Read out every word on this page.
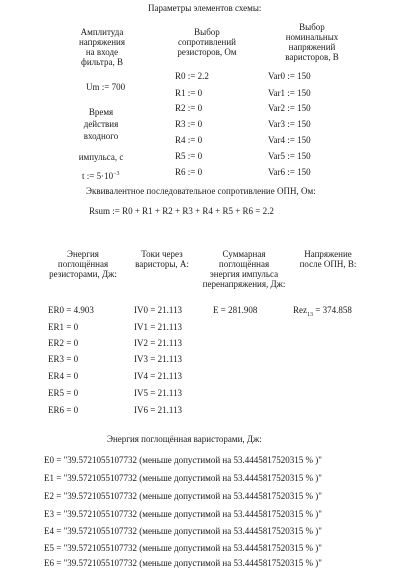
Параметры элементов схемы:
Амплитуда
напряжения
на входе
фильтра, В
Um := 700
Время
действия
входного
импульса, с
t := $5\cdot 10^{-3}$
Выбор
сопротивлений
резисторов, Ом
R0 := 2.2
R1 := 0
R2 := 0
R3 := 0
R4 := 0
R5 := 0
R6 := 0
Выбор
номинальных
напряжений
варисторов, В
Var0 := 150
Var1 := 150
Var2 := 150
Var3 := 150
Var4 := 150
Var5 := 150
Var6 := 150
Эквивалентное последовательное сопротивление ОПН, Ом:
Rsum := R0 + R1 + R2 + R3 + R4 + R5 + R6 = 2.2
Энергия
поглощённая
резисторами, Дж:
Токи через
варисторы, А:
Суммарная
поглощённая
энергия импульса
перенапряжения, Дж:
Напряжение
после ОПН, В:
ER0 = 4.903
ER1 = 0
ER2 = 0
ER3 = 0
ER4 = 0
ER5 = 0
ER6 = 0
IV0 = 21.113
IV1 = 21.113
IV2 = 21.113
IV3 = 21.113
IV4 = 21.113
IV5 = 21.113
IV6 = 21.113
E = 281.908	Rez$_{13}$ = 374.858
Энергия поглощённая варисторами, Дж:
E0 = "39.5721055107732 (меньше допустимой на 53.4445817520315 % )"
E1 = "39.5721055107732 (меньше допустимой на 53.4445817520315 % )"
E2 = "39.5721055107732 (меньше допустимой на 53.4445817520315 % )"
E3 = "39.5721055107732 (меньше допустимой на 53.4445817520315 % )"
E4 = "39.5721055107732 (меньше допустимой на 53.4445817520315 % )"
E5 = "39.5721055107732 (меньше допустимой на 53.4445817520315 % )"
E6 = "39.5721055107732 (меньше допустимой на 53.4445817520315 % )"
